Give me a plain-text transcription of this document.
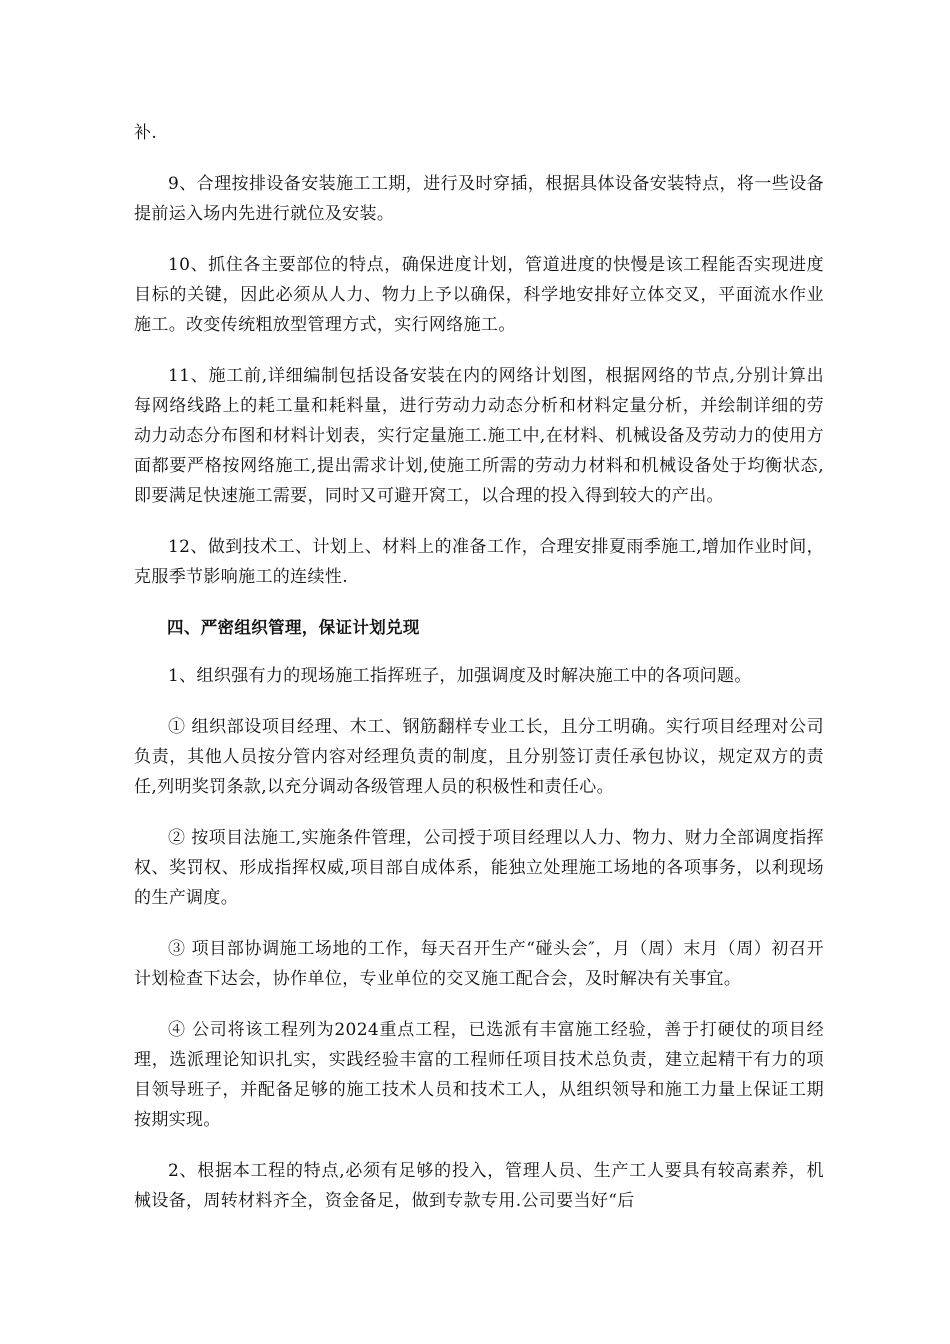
补.

9、合理按排设备安装施工工期，进行及时穿插，根据具体设备安装特点，将一些设备提前运入场内先进行就位及安装。

10、抓住各主要部位的特点，确保进度计划，管道进度的快慢是该工程能否实现进度目标的关键，因此必须从人力、物力上予以确保，科学地安排好立体交叉，平面流水作业施工。改变传统粗放型管理方式，实行网络施工。

11、施工前,详细编制包括设备安装在内的网络计划图，根据网络的节点,分别计算出每网络线路上的耗工量和耗料量，进行劳动力动态分析和材料定量分析，并绘制详细的劳动力动态分布图和材料计划表，实行定量施工.施工中,在材料、机械设备及劳动力的使用方面都要严格按网络施工,提出需求计划,使施工所需的劳动力材料和机械设备处于均衡状态,即要满足快速施工需要，同时又可避开窝工，以合理的投入得到较大的产出。

12、做到技术工、计划上、材料上的准备工作，合理安排夏雨季施工,增加作业时间，克服季节影响施工的连续性.

四、严密组织管理，保证计划兑现

1、组织强有力的现场施工指挥班子，加强调度及时解决施工中的各项问题。

① 组织部设项目经理、木工、钢筋翻样专业工长，且分工明确。实行项目经理对公司负责，其他人员按分管内容对经理负责的制度，且分别签订责任承包协议，规定双方的责任,列明奖罚条款,以充分调动各级管理人员的积极性和责任心。

② 按项目法施工,实施条件管理，公司授于项目经理以人力、物力、财力全部调度指挥权、奖罚权、形成指挥权威,项目部自成体系，能独立处理施工场地的各项事务，以利现场的生产调度。

③ 项目部协调施工场地的工作，每天召开生产“碰头会″，月（周）末月（周）初召开计划检查下达会，协作单位，专业单位的交叉施工配合会，及时解决有关事宜。

④ 公司将该工程列为2024重点工程，已选派有丰富施工经验，善于打硬仗的项目经理，选派理论知识扎实，实践经验丰富的工程师任项目技术总负责，建立起精干有力的项目领导班子，并配备足够的施工技术人员和技术工人，从组织领导和施工力量上保证工期按期实现。

2、根据本工程的特点,必须有足够的投入，管理人员、生产工人要具有较高素养，机械设备，周转材料齐全，资金备足，做到专款专用.公司要当好“后
